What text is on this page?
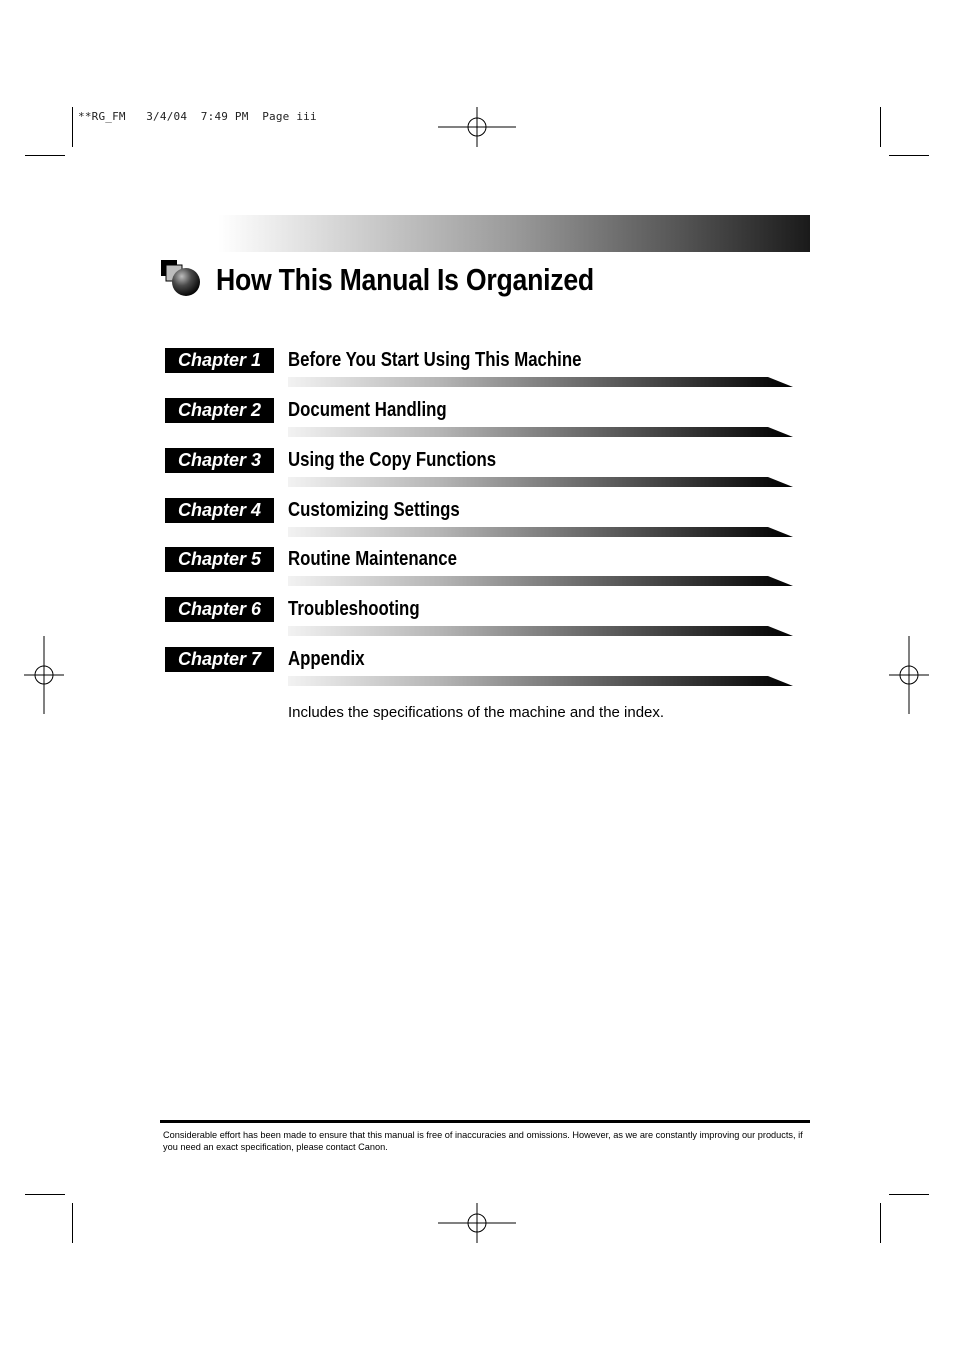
**RG_FM   3/4/04  7:49 PM  Page iii
How This Manual Is Organized
Chapter 1	Before You Start Using This Machine
Chapter 2	Document Handling
Chapter 3	Using the Copy Functions
Chapter 4	Customizing Settings
Chapter 5	Routine Maintenance
Chapter 6	Troubleshooting
Chapter 7	Appendix
Includes the specifications of the machine and the index.
Considerable effort has been made to ensure that this manual is free of inaccuracies and omissions. However, as we are constantly improving our products, if you need an exact specification, please contact Canon.
